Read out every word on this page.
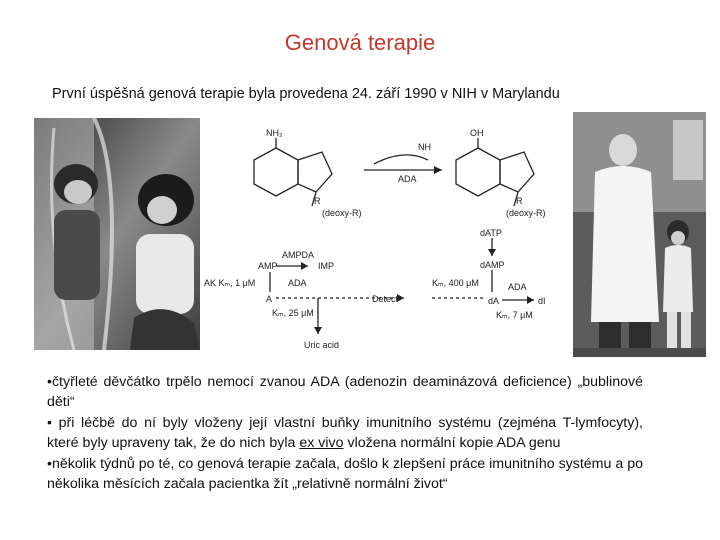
Genová terapie
První úspěšná genová terapie byla provedena 24. září 1990 v NIH v Marylandu
NH₂	OH
NH
ADA
R	R
(deoxy-R)	(deoxy-R)
dATP
AMPDA
AMP	IMP	dAMP
AK Kₘ, 1 μM	ADA	Kₘ, 400 μM	ADA
A	Detect	dA	dI
Kₘ, 25 μM	Kₘ, 7 μM
Uric acid

•čtyřleté děvčátko trpělo nemocí zvanou ADA (adenozin deaminázová deficience) „bublinové děti“

• při léčbě do ní byly vloženy její vlastní buňky imunitního systému (zejména T-lymfocyty), které byly upraveny tak, že do nich byla ex vivo vložena normální kopie ADA genu

•několik týdnů po té, co genová terapie začala, došlo k zlepšení práce imunitního systému a po několika měsících začala pacientka žít „relativně normální život“
